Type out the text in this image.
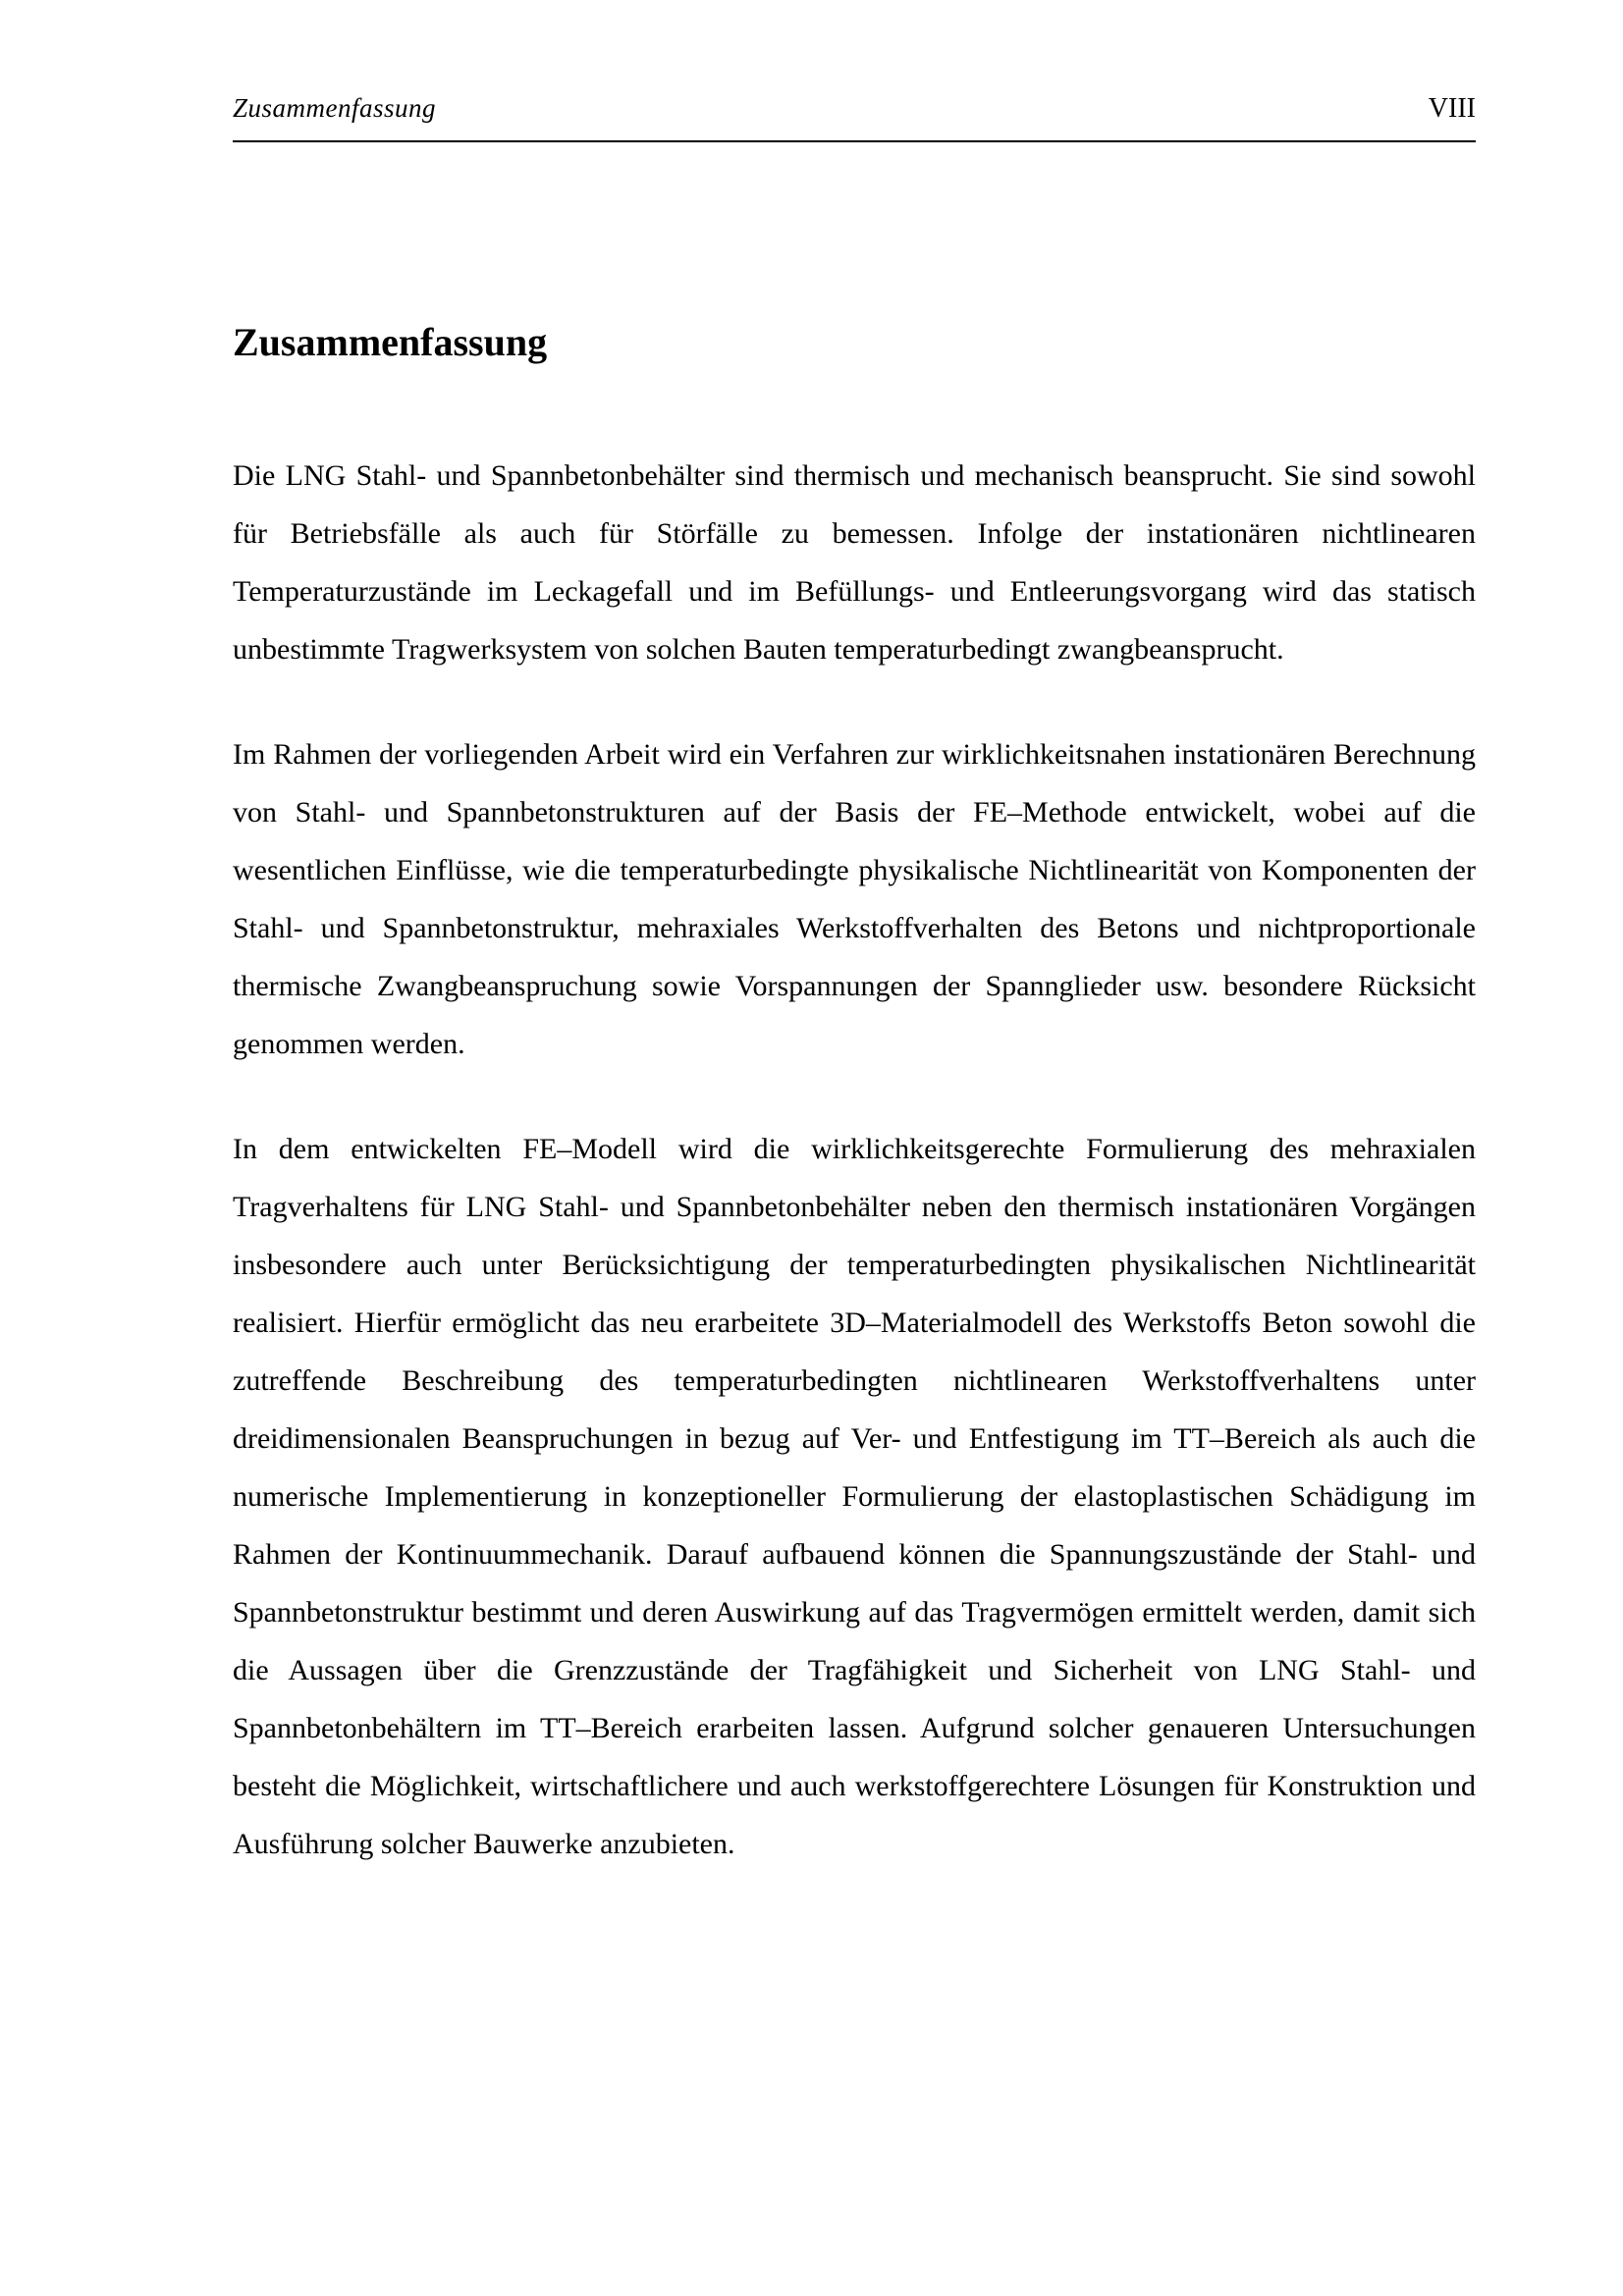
Zusammenfassung	VIII
Zusammenfassung

Die LNG Stahl- und Spannbetonbehälter sind thermisch und mechanisch beansprucht. Sie sind sowohl für Betriebsfälle als auch für Störfälle zu bemessen. Infolge der instationären nichtlinearen Temperaturzustände im Leckagefall und im Befüllungs- und Entleerungsvorgang wird das statisch unbestimmte Tragwerksystem von solchen Bauten temperaturbedingt zwangbeansprucht.

Im Rahmen der vorliegenden Arbeit wird ein Verfahren zur wirklichkeitsnahen instationären Berechnung von Stahl- und Spannbetonstrukturen auf der Basis der FE–Methode entwickelt, wobei auf die wesentlichen Einflüsse, wie die temperaturbedingte physikalische Nichtlinearität von Komponenten der Stahl- und Spannbetonstruktur, mehraxiales Werkstoffverhalten des Betons und nichtproportionale thermische Zwangbeanspruchung sowie Vorspannungen der Spannglieder usw. besondere Rücksicht genommen werden.

In dem entwickelten FE–Modell wird die wirklichkeitsgerechte Formulierung des mehraxialen Tragverhaltens für LNG Stahl- und Spannbetonbehälter neben den thermisch instationären Vorgängen insbesondere auch unter Berücksichtigung der temperaturbedingten physikalischen Nichtlinearität realisiert. Hierfür ermöglicht das neu erarbeitete 3D–Materialmodell des Werkstoffs Beton sowohl die zutreffende Beschreibung des temperaturbedingten nichtlinearen Werkstoffverhaltens unter dreidimensionalen Beanspruchungen in bezug auf Ver- und Entfestigung im TT–Bereich als auch die numerische Implementierung in konzeptioneller Formulierung der elastoplastischen Schädigung im Rahmen der Kontinuummechanik. Darauf aufbauend können die Spannungszustände der Stahl- und Spannbetonstruktur bestimmt und deren Auswirkung auf das Tragvermögen ermittelt werden, damit sich die Aussagen über die Grenzzustände der Tragfähigkeit und Sicherheit von LNG Stahl- und Spannbetonbehältern im TT–Bereich erarbeiten lassen. Aufgrund solcher genaueren Untersuchungen besteht die Möglichkeit, wirtschaftlichere und auch werkstoffgerechtere Lösungen für Konstruktion und Ausführung solcher Bauwerke anzubieten.
